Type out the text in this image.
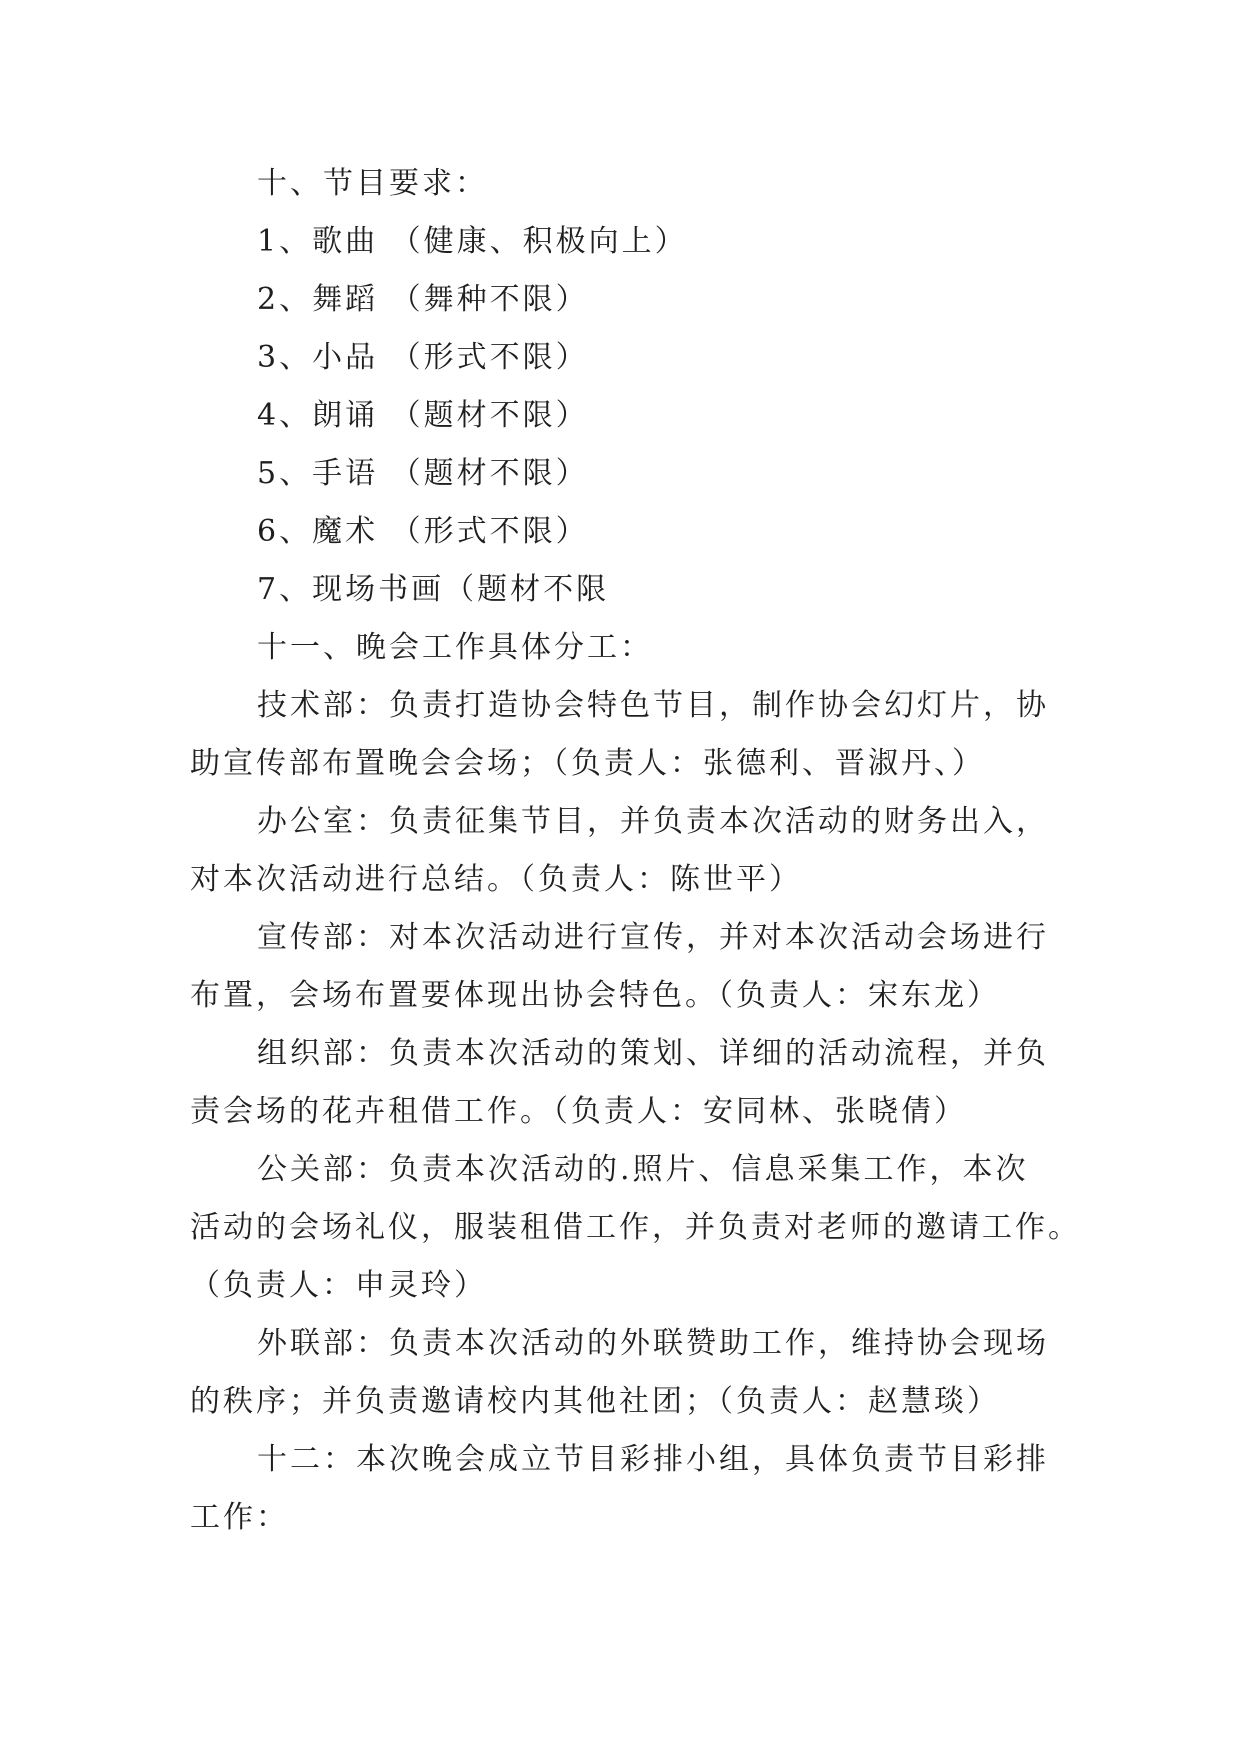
十、节目要求：
1、歌曲 （健康、积极向上）
2、舞蹈 （舞种不限）
3、小品 （形式不限）
4、朗诵 （题材不限）
5、手语 （题材不限）
6、魔术 （形式不限）
7、现场书画（题材不限
十一、晚会工作具体分工：
技术部：负责打造协会特色节目，制作协会幻灯片，协
助宣传部布置晚会会场；（负责人：张德利、晋淑丹、）
办公室：负责征集节目，并负责本次活动的财务出入，
对本次活动进行总结。（负责人：陈世平）
宣传部：对本次活动进行宣传，并对本次活动会场进行
布置，会场布置要体现出协会特色。（负责人：宋东龙）
组织部：负责本次活动的策划、详细的活动流程，并负
责会场的花卉租借工作。（负责人：安同林、张晓倩）
公关部：负责本次活动的.照片、信息采集工作，本次
活动的会场礼仪，服装租借工作，并负责对老师的邀请工作。
（负责人：申灵玲）
外联部：负责本次活动的外联赞助工作，维持协会现场
的秩序；并负责邀请校内其他社团；（负责人：赵慧琰）
十二：本次晚会成立节目彩排小组，具体负责节目彩排
工作：
